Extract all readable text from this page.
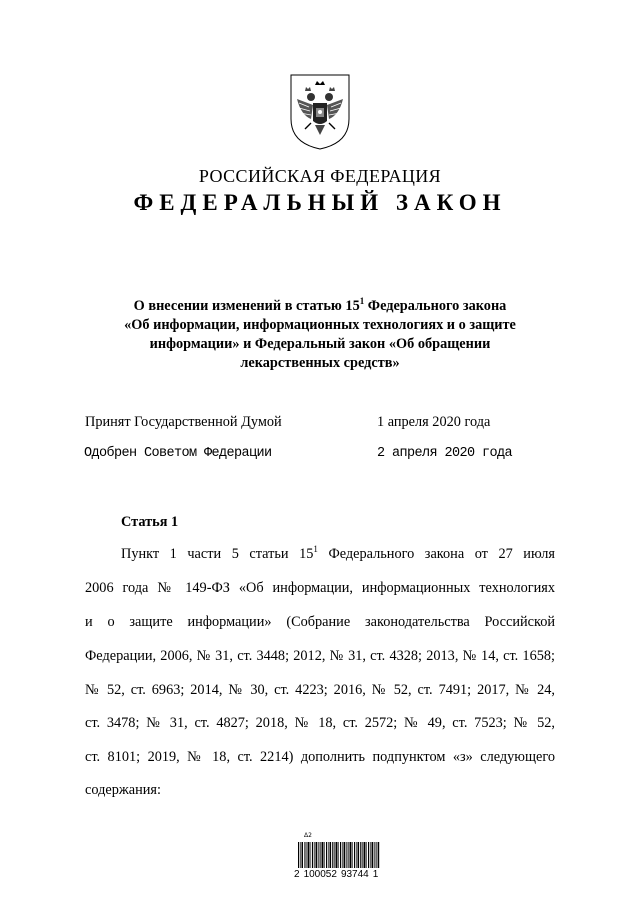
РОССИЙСКАЯ ФЕДЕРАЦИЯ
ФЕДЕРАЛЬНЫЙ ЗАКОН
О внесении изменений в статью $15^1$ Федерального закона
«Об информации, информационных технологиях и о защите
информации» и Федеральный закон «Об обращении
лекарственных средств»
Принят Государственной Думой	1 апреля 2020 года
Одобрен Советом Федерации	2 апреля 2020 года
Статья 1
Пункт 1 части 5 статьи $15^1$ Федерального закона от 27 июля
2006 года № 149-ФЗ «Об информации, информационных технологиях
и о защите информации» (Собрание законодательства Российской
Федерации, 2006, № 31, ст. 3448; 2012, № 31, ст. 4328; 2013, № 14, ст. 1658;
№ 52, ст. 6963; 2014, № 30, ст. 4223; 2016, № 52, ст. 7491; 2017, № 24,
ст. 3478; № 31, ст. 4827; 2018, № 18, ст. 2572; № 49, ст. 7523; № 52,
ст. 8101; 2019, № 18, ст. 2214) дополнить подпунктом «з» следующего
содержания:
Δ2
2 100052 93744 1
